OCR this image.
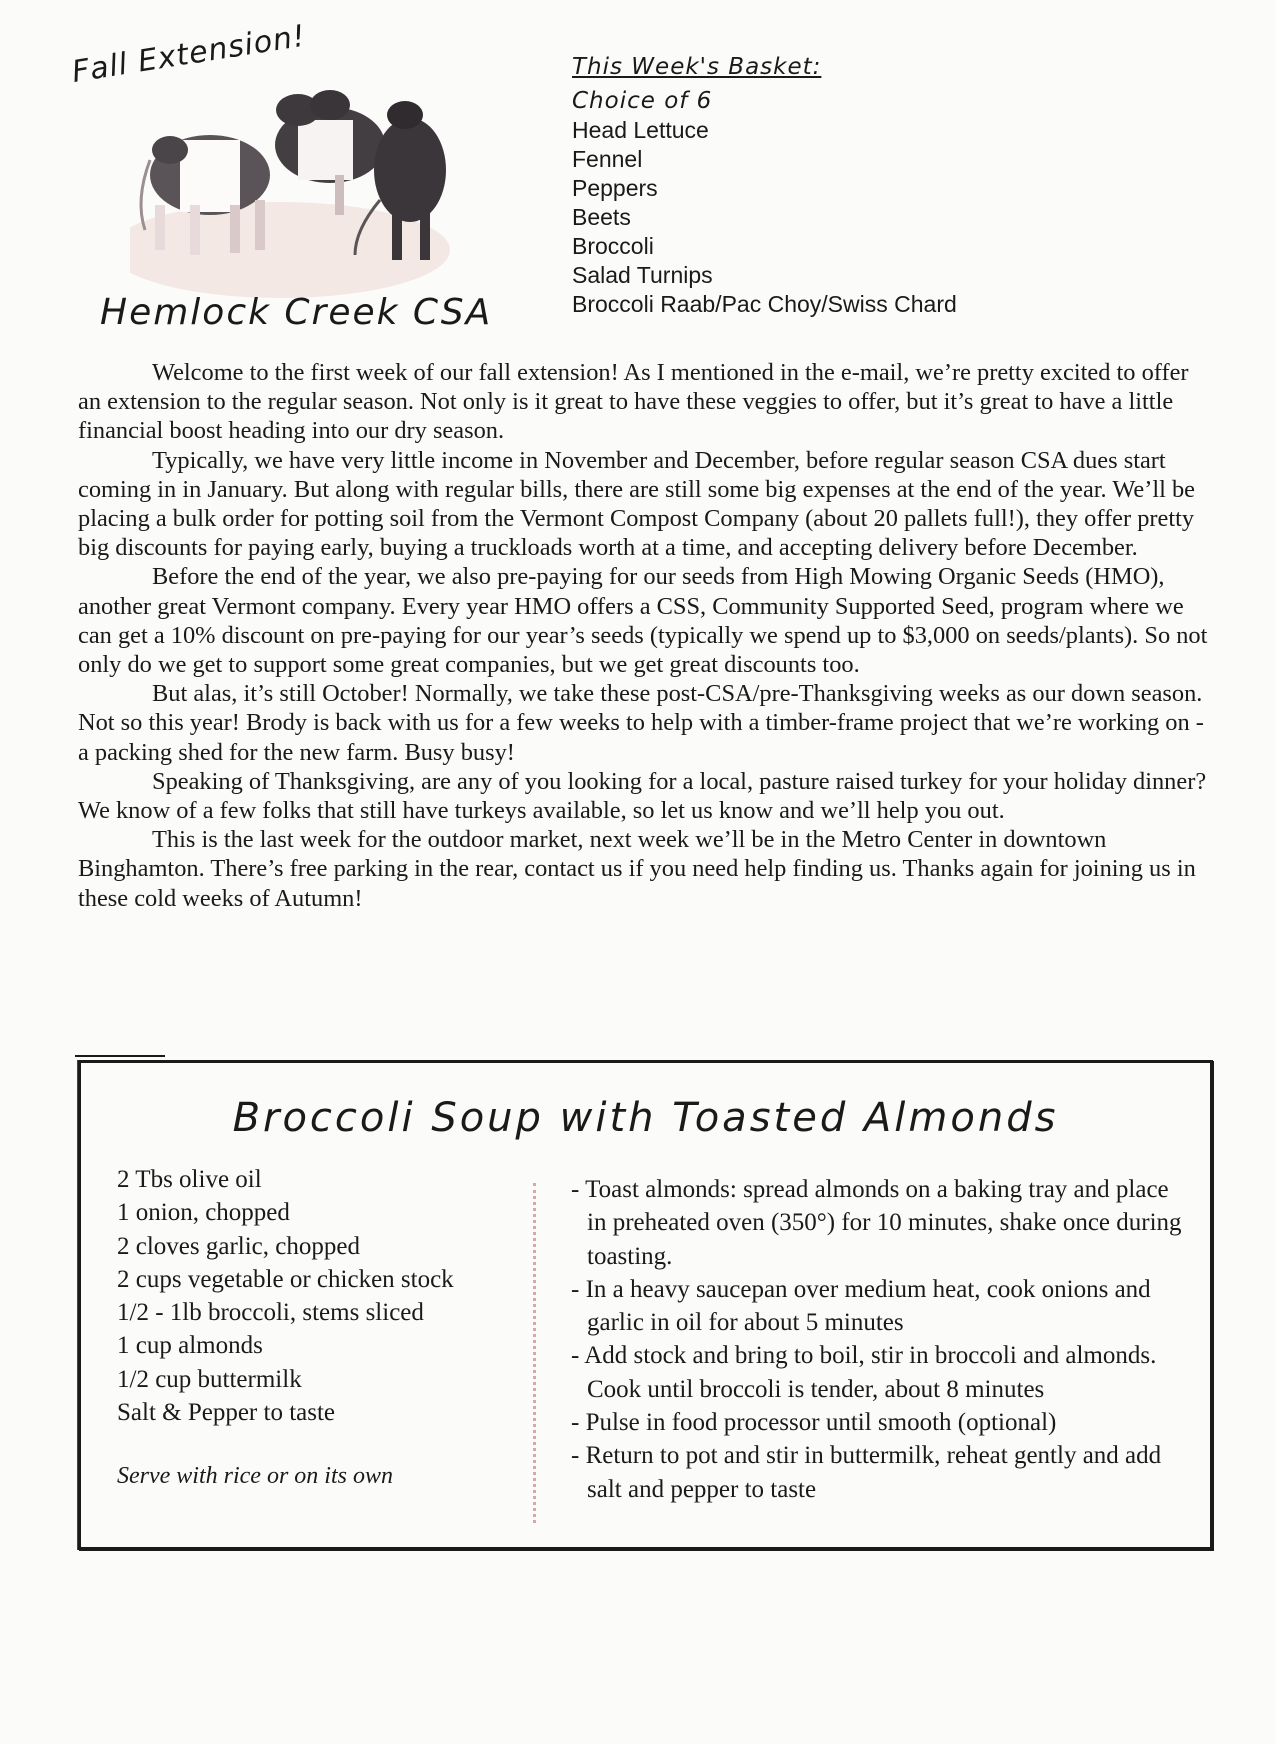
Fall Extension!
Hemlock Creek CSA
This Week's Basket:
Choice of 6
Head Lettuce
Fennel
Peppers
Beets
Broccoli
Salad Turnips
Broccoli Raab/Pac Choy/Swiss Chard

Welcome to the first week of our fall extension! As I mentioned in the e-mail, we’re pretty excited to offer an extension to the regular season. Not only is it great to have these veggies to offer, but it’s great to have a little financial boost heading into our dry season.

Typically, we have very little income in November and December, before regular season CSA dues start coming in in January. But along with regular bills, there are still some big expenses at the end of the year. We’ll be placing a bulk order for potting soil from the Vermont Compost Company (about 20 pallets full!), they offer pretty big discounts for paying early, buying a truckloads worth at a time, and accepting delivery before December.

Before the end of the year, we also pre-paying for our seeds from High Mowing Organic Seeds (HMO), another great Vermont company. Every year HMO offers a CSS, Community Supported Seed, program where we can get a 10% discount on pre-paying for our year’s seeds (typically we spend up to $3,000 on seeds/plants). So not only do we get to support some great companies, but we get great discounts too.

But alas, it’s still October! Normally, we take these post-CSA/pre-Thanksgiving weeks as our down season. Not so this year! Brody is back with us for a few weeks to help with a timber-frame project that we’re working on - a packing shed for the new farm. Busy busy!

Speaking of Thanksgiving, are any of you looking for a local, pasture raised turkey for your holiday dinner? We know of a few folks that still have turkeys available, so let us know and we’ll help you out.

This is the last week for the outdoor market, next week we’ll be in the Metro Center in downtown Binghamton. There’s free parking in the rear, contact us if you need help finding us. Thanks again for joining us in these cold weeks of Autumn!

Broccoli Soup with Toasted Almonds
2 Tbs olive oil
1 onion, chopped
2 cloves garlic, chopped
2 cups vegetable or chicken stock
1/2 - 1lb broccoli, stems sliced
1 cup almonds
1/2 cup buttermilk
Salt & Pepper to taste
Serve with rice or on its own
- Toast almonds: spread almonds on a baking tray and place in preheated oven (350°) for 10 minutes, shake once during toasting.
- In a heavy saucepan over medium heat, cook onions and garlic in oil for about 5 minutes
- Add stock and bring to boil, stir in broccoli and almonds. Cook until broccoli is tender, about 8 minutes
- Pulse in food processor until smooth (optional)
- Return to pot and stir in buttermilk, reheat gently and add salt and pepper to taste
